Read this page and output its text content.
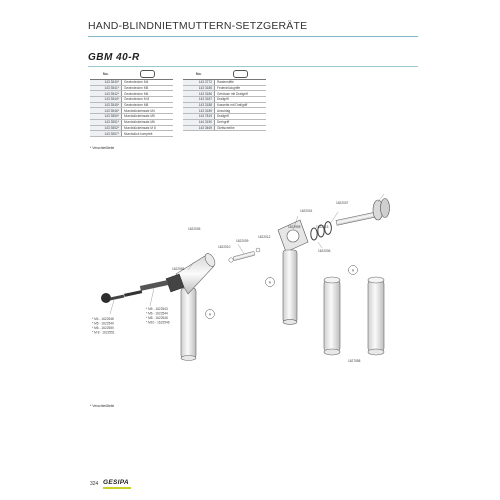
HAND-BLINDNIETMUTTERN-SETZGERÄTE
GBM 40-R
No.	
143 3540*	Gewindedorn M4
143 3541*	Gewindedorn M5
143 3542*	Gewindedorn M6
143 3544*	Gewindedorn M 8
143 3545*	Gewindedorn M8
143 3546*	Mundstückeinsatz M4
143 3550*	Mundstückeinsatz M5
143 3551*	Mundstückeinsatz M6
143 3552*	Mundstückeinsatz M 8
143 3557*	Mundstück komplett
No.	
143 3772	Rastenstifte
143 3185	Federdrückgriffe
143 3186	Gehäuse mit Drallgriff
143 3187	Drallgriff
143 3188	Kassette mit Drallgriff
143 3189	Anschlag
143 7819	Drallgriff
144 3190	Drehgriff
143 3469	Gleitscheibe
* Verschleißteile
A
A
A
1622007
1622001
1622015
1622999
1622006
1622012
1622009
1622010
1622005
1622555
1627558
* M5 - 1622543
* M6 - 1622544
* M8 - 1622545
* M10 - 1622546
* M4 - 1622548
* M5 - 1622549
* M6 - 1622550
* M 8 - 1622551
* Verschleißteile
324 GESIPA
